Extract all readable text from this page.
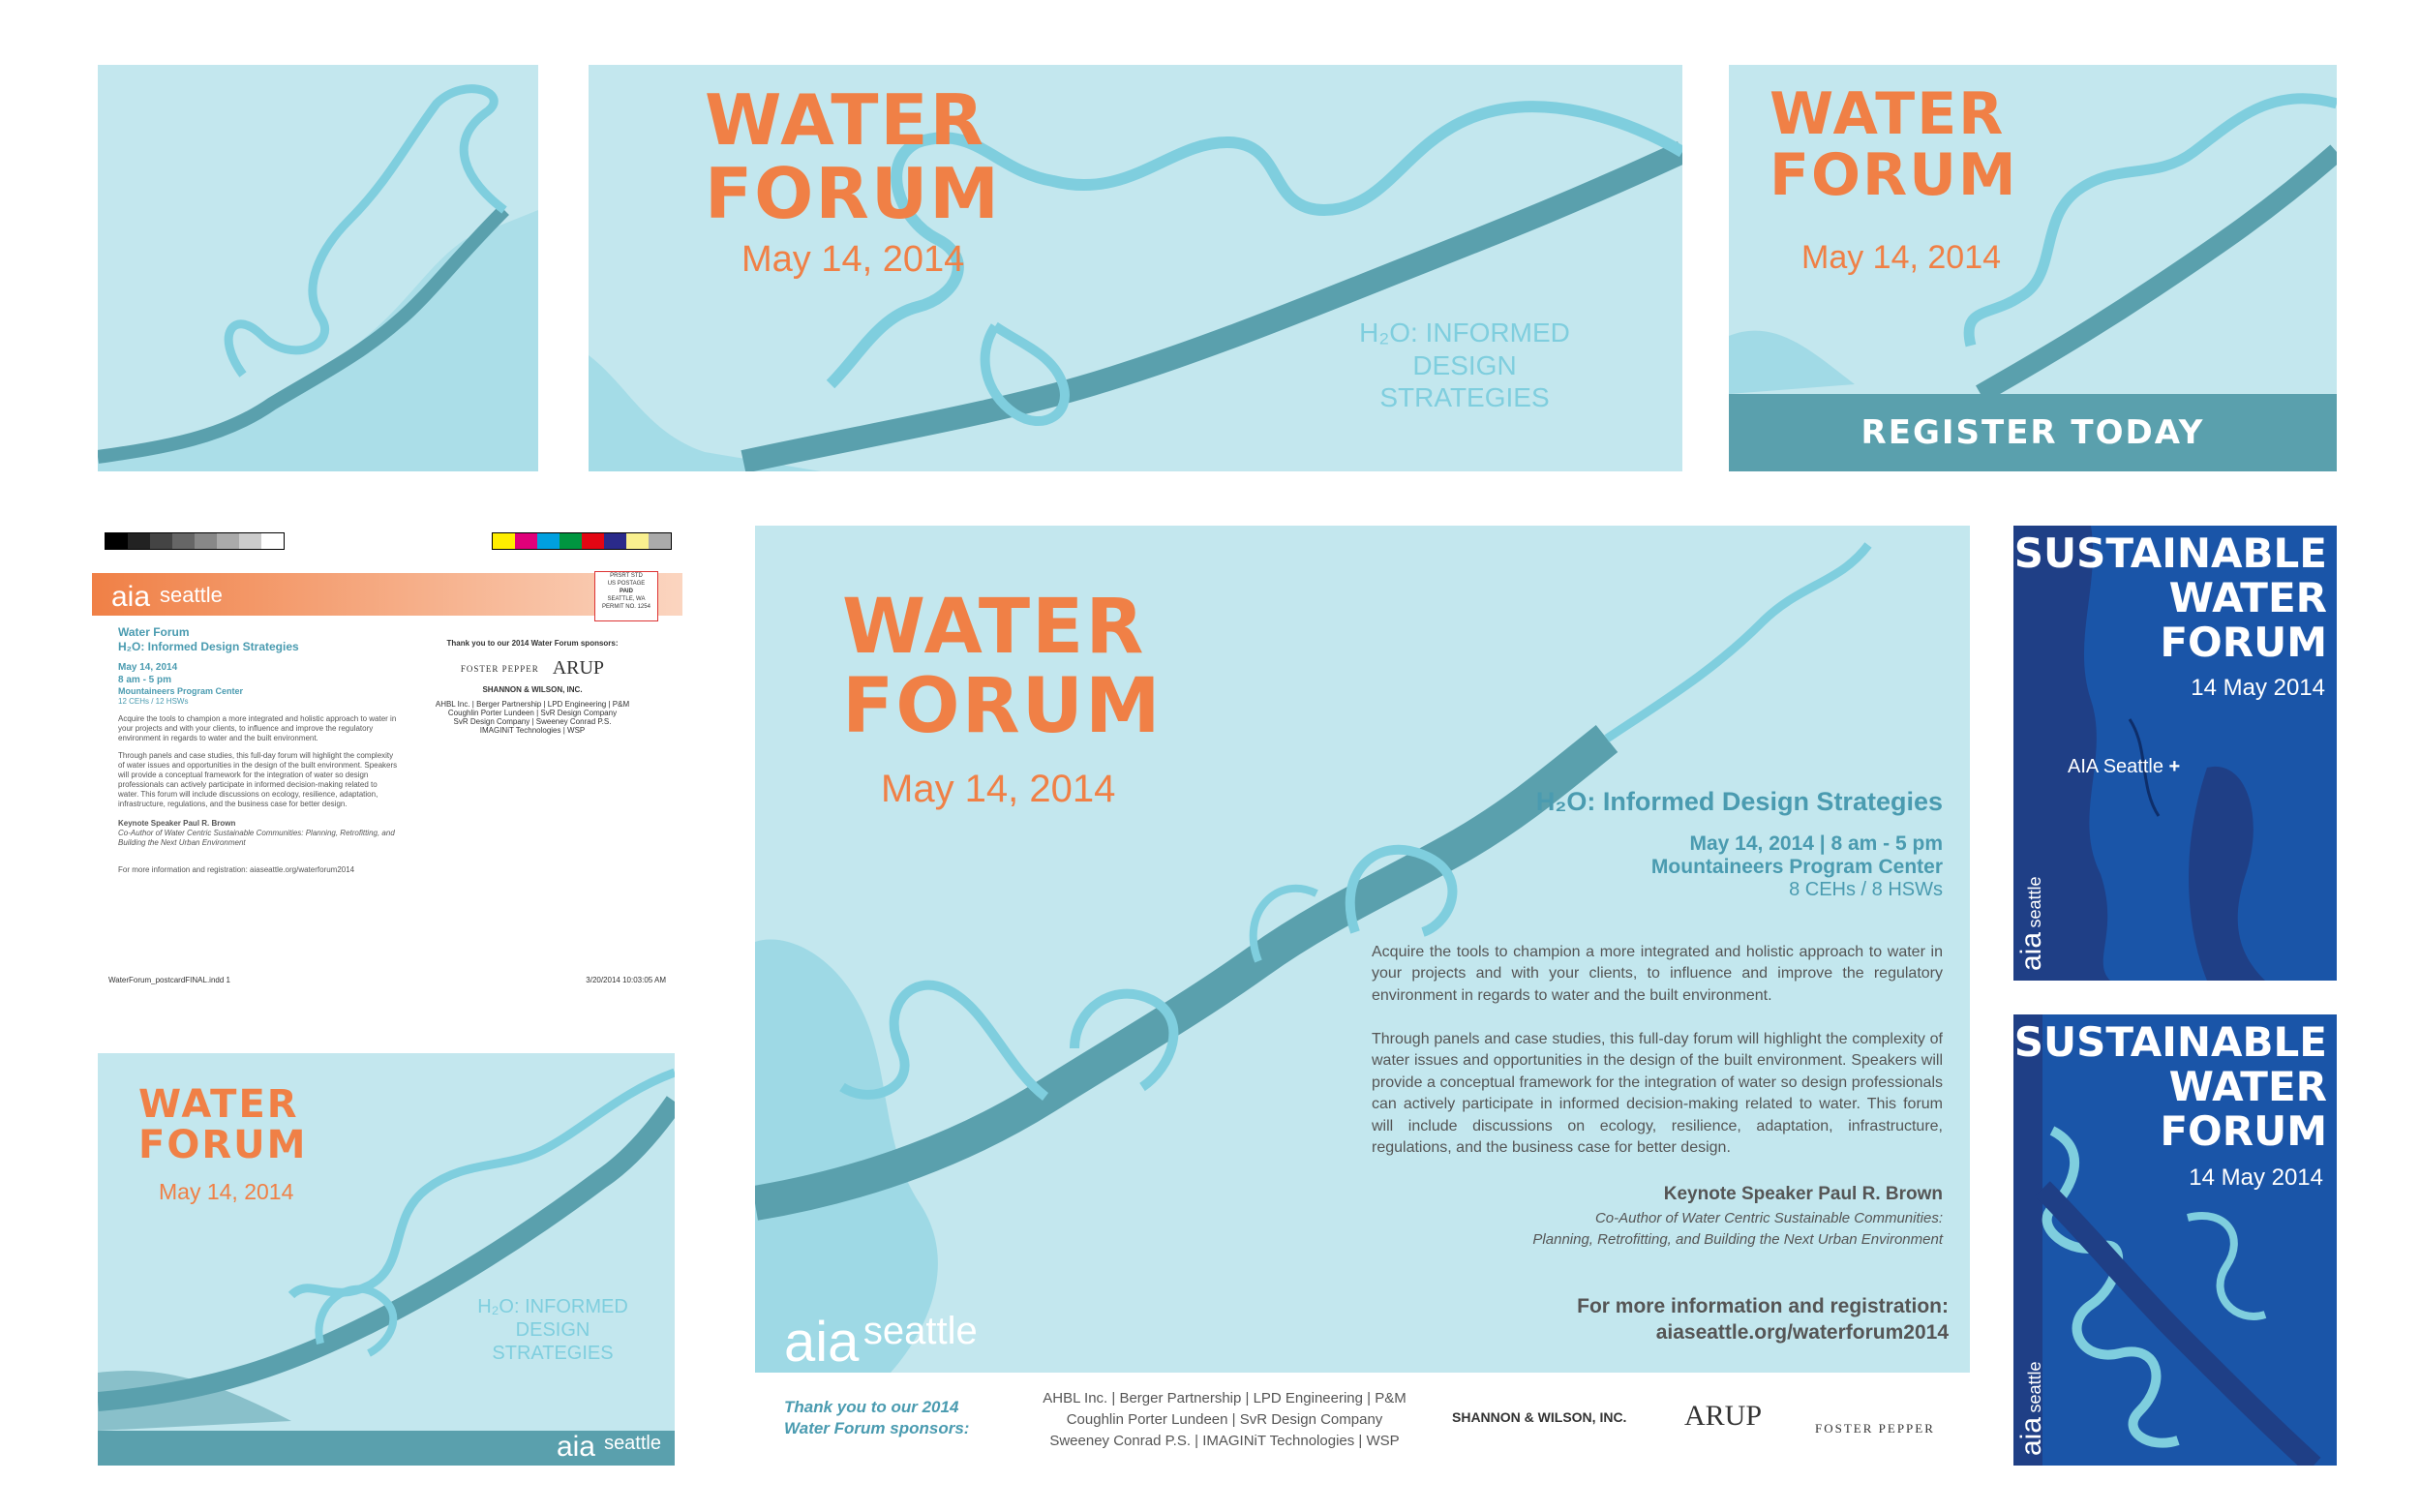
WATER
FORUM
May 14, 2014
H₂O: INFORMED
DESIGN
STRATEGIES
WATER
FORUM
May 14, 2014
REGISTER TODAY
aia seattle
PRSRT STD
US POSTAGE
PAID
SEATTLE, WA
PERMIT NO. 1254
Water Forum
H₂O: Informed Design Strategies
May 14, 2014
8 am - 5 pm
Mountaineers Program Center
12 CEHs / 12 HSWs
Acquire the tools to champion a more integrated and holistic approach to water in your projects and with your clients, to influence and improve the regulatory environment in regards to water and the built environment.
Through panels and case studies, this full-day forum will highlight the complexity of water issues and opportunities in the design of the built environment. Speakers will provide a conceptual framework for the integration of water so design professionals can actively participate in informed decision-making related to water. This forum will include discussions on ecology, resilience, adaptation, infrastructure, regulations, and the business case for better design.
Keynote Speaker Paul R. Brown
Co-Author of Water Centric Sustainable Communities: Planning, Retrofitting, and Building the Next Urban Environment
For more information and registration: aiaseattle.org/waterforum2014
Thank you to our 2014 Water Forum sponsors:
FOSTER PEPPER ARUP
SHANNON & WILSON, INC.
AHBL Inc. | Berger Partnership | LPD Engineering | P&M
Coughlin Porter Lundeen | SvR Design Company
SvR Design Company | Sweeney Conrad P.S.
IMAGINiT Technologies | WSP
WaterForum_postcardFINAL.indd 1	3/20/2014 10:03:05 AM
WATER
FORUM
May 14, 2014	H₂O: Informed Design Strategies
May 14, 2014 | 8 am - 5 pm
Mountaineers Program Center
8 CEHs / 8 HSWs
Acquire the tools to champion a more integrated and holistic approach to water in your projects and with your clients, to influence and improve the regulatory environment in regards to water and the built environment.
Through panels and case studies, this full-day forum will highlight the complexity of water issues and opportunities in the design of the built environment. Speakers will provide a conceptual framework for the integration of water so design professionals can actively participate in informed decision-making related to water. This forum will include discussions on ecology, resilience, adaptation, infrastructure, regulations, and the business case for better design.
Keynote Speaker Paul R. Brown
Co-Author of Water Centric Sustainable Communities:
Planning, Retrofitting, and Building the Next Urban Environment
For more information and registration:
aiaseattle.org/waterforum2014
aia seattle
Thank you to our 2014
Water Forum sponsors:
AHBL Inc. | Berger Partnership | LPD Engineering | P&M
Coughlin Porter Lundeen | SvR Design Company
Sweeney Conrad P.S. | IMAGINiT Technologies | WSP
SHANNON & WILSON, INC. ARUP	FOSTER PEPPER
WATER
FORUM
May 14, 2014
H₂O: INFORMED
DESIGN
STRATEGIES
aia seattle
SUSTAINABLE
WATER
FORUM
14 May 2014
AIA Seattle +
aia seattle
SUSTAINABLE
WATER
FORUM
14 May 2014
aia seattle
